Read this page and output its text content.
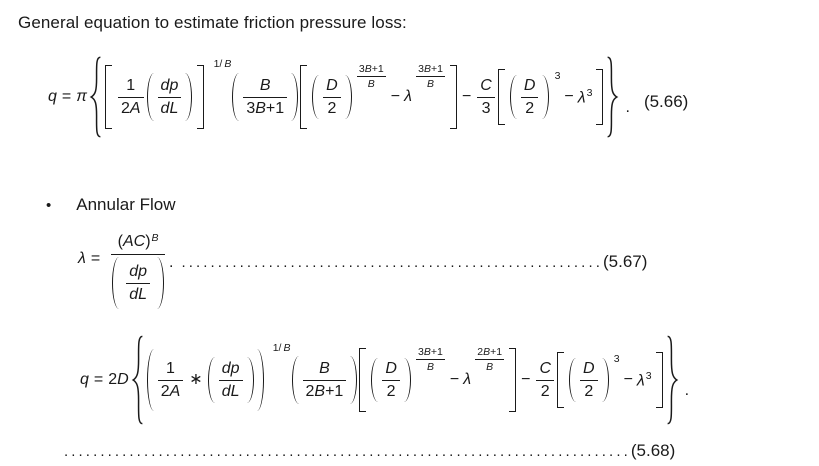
General equation to estimate friction pressure loss:
q = π $\frac{1}{2 A} \frac{dp}{dL}$
1/ B
$\frac{B}{3 B +1} \frac{D}{2} \frac{3 B +1}{B}$
− λ
$\frac{3 B +1}{B}$
− $\frac{C}{3} \frac{D}{2}$
3
− $\lambda^3$
. (5.66)
• Annular Flow
$\lambda = \frac{( AC ) B}{\frac{dp}{dL}}$ . .......................................................... (5.67)
$q = 2D \frac{1}{2 A}$ ∗ $\frac{dp}{dL}$
1/ B
$\frac{B}{2 B +1} \frac{D}{2} \frac{3 B +1}{B}$
− λ
$\frac{2 B +1}{B}$
− $\frac{C}{2} \frac{D}{2}$
3
− $\lambda^3$
.
.............................................................................. (5.68)
